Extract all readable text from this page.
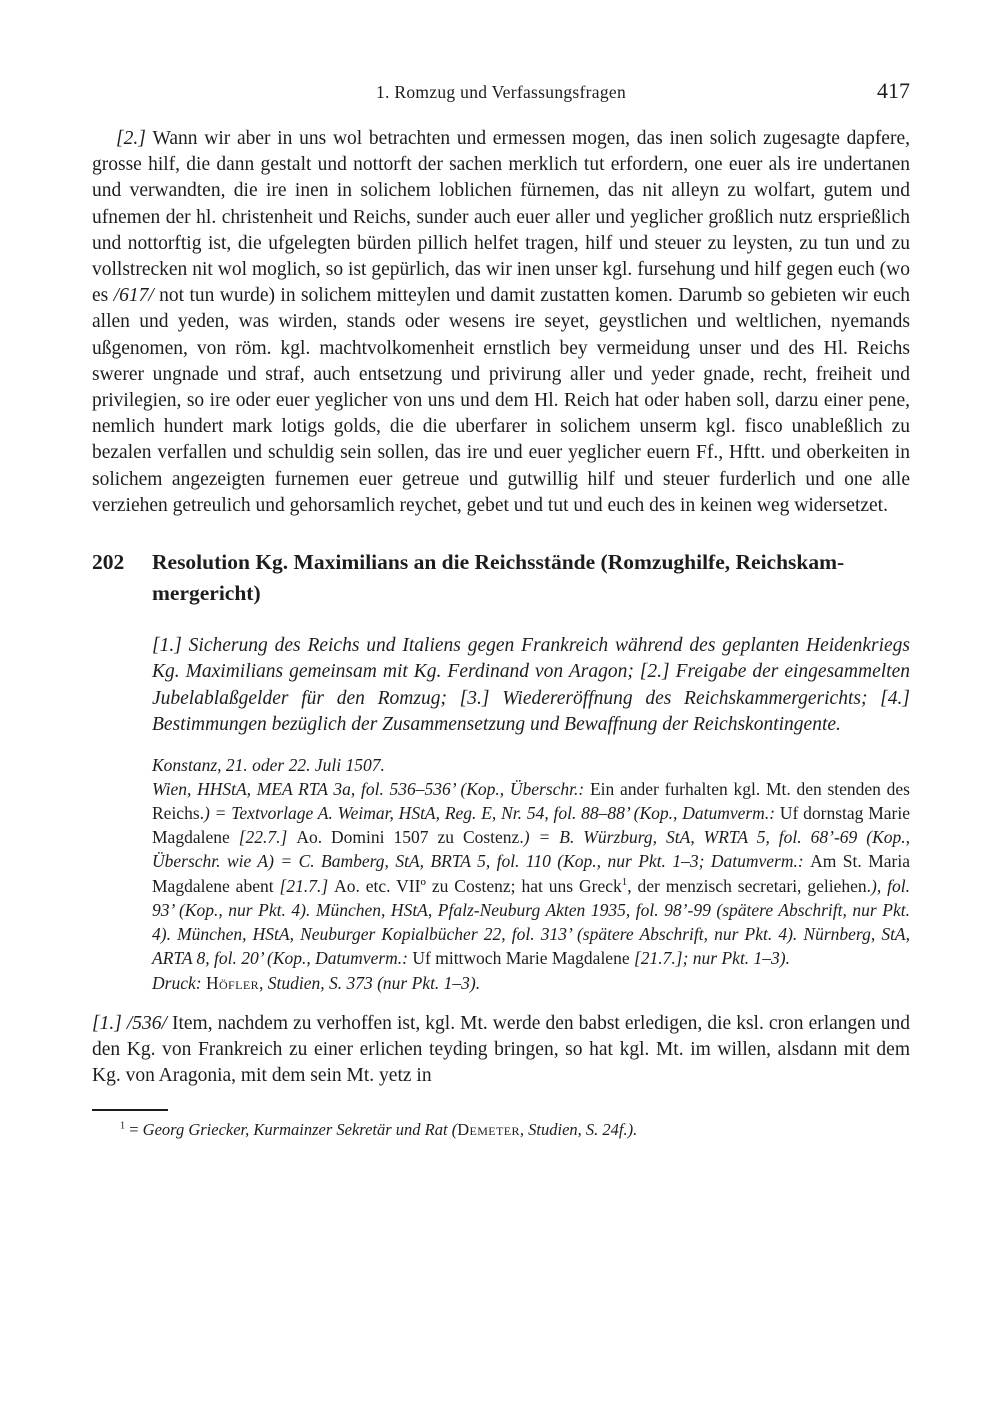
1. Romzug und Verfassungsfragen	417

[2.] Wann wir aber in uns wol betrachten und ermessen mogen, das inen solich zugesagte dapfere, grosse hilf, die dann gestalt und nottorft der sachen merklich tut erfordern, one euer als ire undertanen und verwandten, die ire inen in solichem loblichen fürnemen, das nit alleyn zu wolfart, gutem und ufnemen der hl. christenheit und Reichs, sunder auch euer aller und yeglicher großlich nutz ersprießlich und nottorftig ist, die ufgelegten bürden pillich helfet tragen, hilf und steuer zu leysten, zu tun und zu vollstrecken nit wol moglich, so ist gepürlich, das wir inen unser kgl. fursehung und hilf gegen euch (wo es /617/ not tun wurde) in solichem mitteylen und damit zustatten komen. Darumb so gebieten wir euch allen und yeden, was wirden, stands oder wesens ire seyet, geystlichen und weltlichen, nyemands ußgenomen, von röm. kgl. machtvolkomenheit ernstlich bey vermeidung unser und des Hl. Reichs swerer ungnade und straf, auch entsetzung und privirung aller und yeder gnade, recht, freiheit und privilegien, so ire oder euer yeglicher von uns und dem Hl. Reich hat oder haben soll, darzu einer pene, nemlich hundert mark lotigs golds, die die uberfarer in solichem unserm kgl. fisco unableßlich zu bezalen verfallen und schuldig sein sollen, das ire und euer yeglicher euern Ff., Hftt. und oberkeiten in solichem angezeigten furnemen euer getreue und gutwillig hilf und steuer furderlich und one alle verziehen getreulich und gehorsamlich reychet, gebet und tut und euch des in keinen weg widersetzet.

202	Resolution Kg. Maximilians an die Reichsstände (Romzughilfe, Reichskam-
mergericht)

[1.] Sicherung des Reichs und Italiens gegen Frankreich während des geplanten Heidenkriegs Kg. Maximilians gemeinsam mit Kg. Ferdinand von Aragon; [2.] Freigabe der eingesammelten Jubelablaßgelder für den Romzug; [3.] Wiedereröffnung des Reichskammergerichts; [4.] Bestimmungen bezüglich der Zusammensetzung und Bewaffnung der Reichskontingente.

Konstanz, 21. oder 22. Juli 1507.

Wien, HHStA, MEA RTA 3a, fol. 536–536’ (Kop., Überschr.: Ein ander furhalten kgl. Mt. den stenden des Reichs.) = Textvorlage A. Weimar, HStA, Reg. E, Nr. 54, fol. 88–88’ (Kop., Datumverm.: Uf dornstag Marie Magdalene [22.7.] Ao. Domini 1507 zu Costenz.) = B. Würzburg, StA, WRTA 5, fol. 68’-69 (Kop., Überschr. wie A) = C. Bamberg, StA, BRTA 5, fol. 110 (Kop., nur Pkt. 1–3; Datumverm.: Am St. Maria Magdalene abent [21.7.] Ao. etc. VIIº zu Costenz; hat uns Greck$^1$, der menzisch secretari, geliehen.), fol. 93’ (Kop., nur Pkt. 4). München, HStA, Pfalz-Neuburg Akten 1935, fol. 98’-99 (spätere Abschrift, nur Pkt. 4). München, HStA, Neuburger Kopialbücher 22, fol. 313’ (spätere Abschrift, nur Pkt. 4). Nürnberg, StA, ARTA 8, fol. 20’ (Kop., Datumverm.: Uf mittwoch Marie Magdalene [21.7.]; nur Pkt. 1–3).

Druck: Höfler, Studien, S. 373 (nur Pkt. 1–3).

[1.] /536/ Item, nachdem zu verhoffen ist, kgl. Mt. werde den babst erledigen, die ksl. cron erlangen und den Kg. von Frankreich zu einer erlichen teyding bringen, so hat kgl. Mt. im willen, alsdann mit dem Kg. von Aragonia, mit dem sein Mt. yetz in

$^1$ = Georg Griecker, Kurmainzer Sekretär und Rat (Demeter, Studien, S. 24f.).
